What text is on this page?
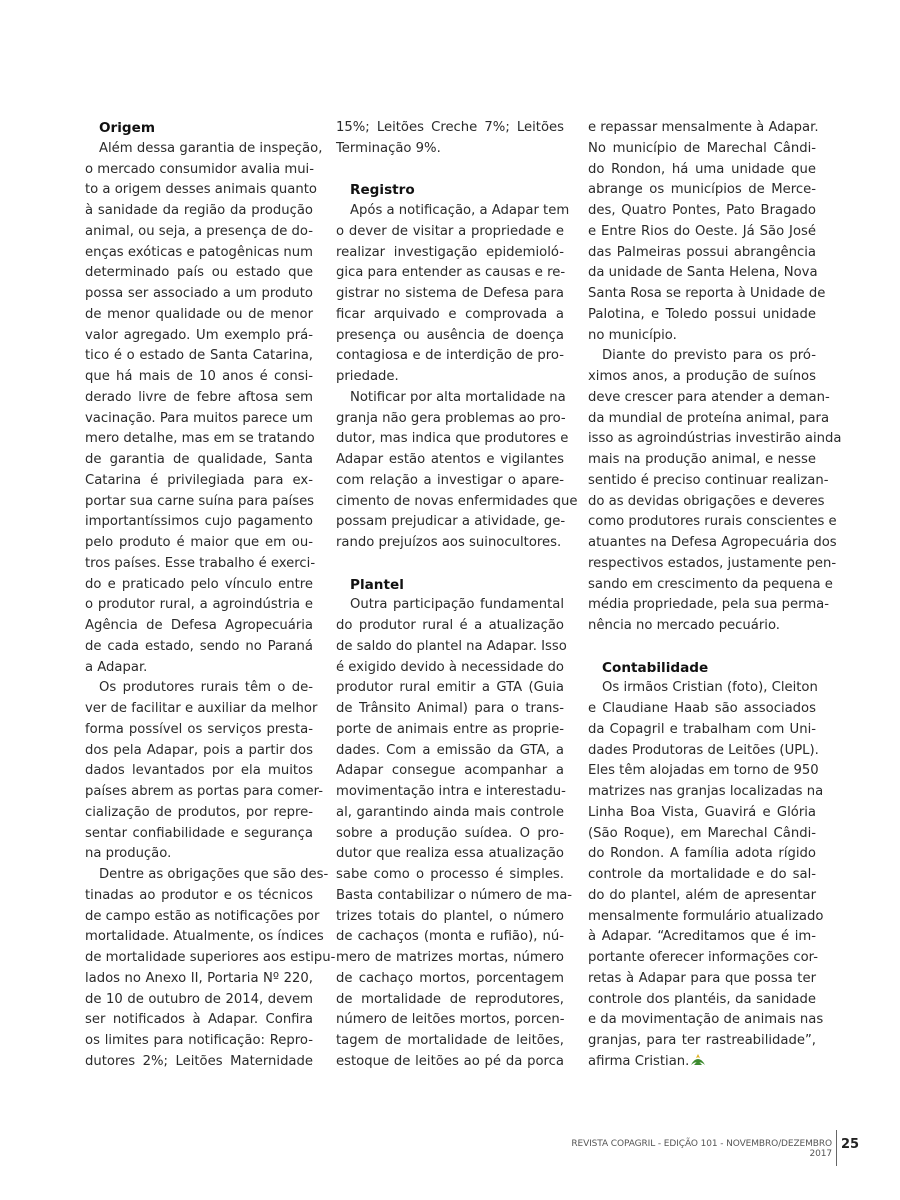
Origem
Além dessa garantia de inspeção,
o mercado consumidor avalia mui-
to a origem desses animais quanto
à sanidade da região da produção
animal, ou seja, a presença de do-
enças exóticas e patogênicas num
determinado país ou estado que
possa ser associado a um produto
de menor qualidade ou de menor
valor agregado. Um exemplo prá-
tico é o estado de Santa Catarina,
que há mais de 10 anos é consi-
derado livre de febre aftosa sem
vacinação. Para muitos parece um
mero detalhe, mas em se tratando
de garantia de qualidade, Santa
Catarina é privilegiada para ex-
portar sua carne suína para países
importantíssimos cujo pagamento
pelo produto é maior que em ou-
tros países. Esse trabalho é exerci-
do e praticado pelo vínculo entre
o produtor rural, a agroindústria e
Agência de Defesa Agropecuária
de cada estado, sendo no Paraná
a Adapar.
Os produtores rurais têm o de-
ver de facilitar e auxiliar da melhor
forma possível os serviços presta-
dos pela Adapar, pois a partir dos
dados levantados por ela muitos
países abrem as portas para comer-
cialização de produtos, por repre-
sentar confiabilidade e segurança
na produção.
Dentre as obrigações que são des-
tinadas ao produtor e os técnicos
de campo estão as notificações por
mortalidade. Atualmente, os índices
de mortalidade superiores aos estipu-
lados no Anexo II, Portaria Nº 220,
de 10 de outubro de 2014, devem
ser notificados à Adapar. Confira
os limites para notificação: Repro-
dutores 2%; Leitões Maternidade
15%; Leitões Creche 7%; Leitões
Terminação 9%.
Registro
Após a notificação, a Adapar tem
o dever de visitar a propriedade e
realizar investigação epidemioló-
gica para entender as causas e re-
gistrar no sistema de Defesa para
ficar arquivado e comprovada a
presença ou ausência de doença
contagiosa e de interdição de pro-
priedade.
Notificar por alta mortalidade na
granja não gera problemas ao pro-
dutor, mas indica que produtores e
Adapar estão atentos e vigilantes
com relação a investigar o apare-
cimento de novas enfermidades que
possam prejudicar a atividade, ge-
rando prejuízos aos suinocultores.
Plantel
Outra participação fundamental
do produtor rural é a atualização
de saldo do plantel na Adapar. Isso
é exigido devido à necessidade do
produtor rural emitir a GTA (Guia
de Trânsito Animal) para o trans-
porte de animais entre as proprie-
dades. Com a emissão da GTA, a
Adapar consegue acompanhar a
movimentação intra e interestadu-
al, garantindo ainda mais controle
sobre a produção suídea. O pro-
dutor que realiza essa atualização
sabe como o processo é simples.
Basta contabilizar o número de ma-
trizes totais do plantel, o número
de cachaços (monta e rufião), nú-
mero de matrizes mortas, número
de cachaço mortos, porcentagem
de mortalidade de reprodutores,
número de leitões mortos, porcen-
tagem de mortalidade de leitões,
estoque de leitões ao pé da porca
e repassar mensalmente à Adapar.
No município de Marechal Cândi-
do Rondon, há uma unidade que
abrange os municípios de Merce-
des, Quatro Pontes, Pato Bragado
e Entre Rios do Oeste. Já São José
das Palmeiras possui abrangência
da unidade de Santa Helena, Nova
Santa Rosa se reporta à Unidade de
Palotina, e Toledo possui unidade
no município.
Diante do previsto para os pró-
ximos anos, a produção de suínos
deve crescer para atender a deman-
da mundial de proteína animal, para
isso as agroindústrias investirão ainda
mais na produção animal, e nesse
sentido é preciso continuar realizan-
do as devidas obrigações e deveres
como produtores rurais conscientes e
atuantes na Defesa Agropecuária dos
respectivos estados, justamente pen-
sando em crescimento da pequena e
média propriedade, pela sua perma-
nência no mercado pecuário.
Contabilidade
Os irmãos Cristian (foto), Cleiton
e Claudiane Haab são associados
da Copagril e trabalham com Uni-
dades Produtoras de Leitões (UPL).
Eles têm alojadas em torno de 950
matrizes nas granjas localizadas na
Linha Boa Vista, Guavirá e Glória
(São Roque), em Marechal Cândi-
do Rondon. A família adota rígido
controle da mortalidade e do sal-
do do plantel, além de apresentar
mensalmente formulário atualizado
à Adapar. “Acreditamos que é im-
portante oferecer informações cor-
retas à Adapar para que possa ter
controle dos plantéis, da sanidade
e da movimentação de animais nas
granjas, para ter rastreabilidade”,
afirma Cristian.
REVISTA COPAGRIL - EDIÇÃO 101 - NOVEMBRO/DEZEMBRO 2017
25
